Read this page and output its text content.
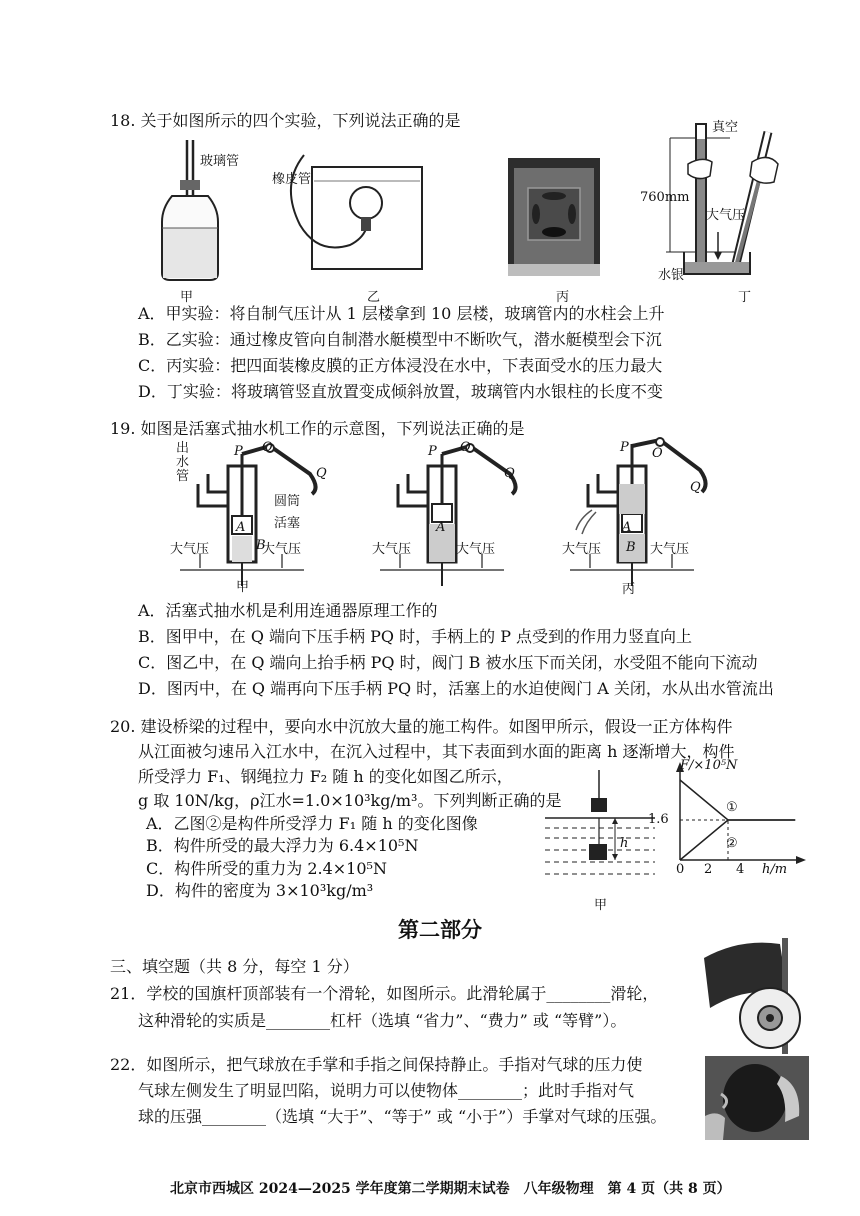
18. 关于如图所示的四个实验，下列说法正确的是
玻璃管
甲
橡皮管
乙	丙
真空
760mm
大气压
水银
丁
A．甲实验：将自制气压计从 1 层楼拿到 10 层楼，玻璃管内的水柱会上升
B．乙实验：通过橡皮管向自制潜水艇模型中不断吹气，潜水艇模型会下沉
C．丙实验：把四面装橡皮膜的正方体浸没在水中，下表面受水的压力最大
D．丁实验：将玻璃管竖直放置变成倾斜放置，玻璃管内水银柱的长度不变
19. 如图是活塞式抽水机工作的示意图，下列说法正确的是
出水管
P O
Q
圆筒
活塞
A
B
大气压	大气压
甲
P O
Q
A
大气压	大气压
P O
Q
A
B
大气压	大气压
丙
A．活塞式抽水机是利用连通器原理工作的
B．图甲中，在 Q 端向下压手柄 PQ 时，手柄上的 P 点受到的作用力竖直向上
C．图乙中，在 Q 端向上抬手柄 PQ 时，阀门 B 被水压下而关闭，水受阻不能向下流动
D．图丙中，在 Q 端再向下压手柄 PQ 时，活塞上的水迫使阀门 A 关闭，水从出水管流出
20. 建设桥梁的过程中，要向水中沉放大量的施工构件。如图甲所示，假设一正方体构件
从江面被匀速吊入江水中，在沉入过程中，其下表面到水面的距离 h 逐渐增大，构件
所受浮力 F₁、钢绳拉力 F₂ 随 h 的变化如图乙所示，
g 取 10N/kg，ρ江水=1.0×10³kg/m³。下列判断正确的是
A．乙图②是构件所受浮力 F₁ 随 h 的变化图像
B．构件所受的最大浮力为 6.4×10⁵N
C．构件所受的重力为 2.4×10⁵N
D．构件的密度为 3×10³kg/m³
h
甲
F/×10⁵N
h/m
1.6
0 2 4
①
②
第二部分
三、填空题（共 8 分，每空 1 分）
21．学校的国旗杆顶部装有一个滑轮，如图所示。此滑轮属于________滑轮，
这种滑轮的实质是________杠杆（选填 “省力”、“费力” 或 “等臂”）。
22．如图所示，把气球放在手掌和手指之间保持静止。手指对气球的压力使
气球左侧发生了明显凹陷，说明力可以使物体________；此时手指对气
球的压强________（选填 “大于”、“等于” 或 “小于”）手掌对气球的压强。
北京市西城区 2024—2025 学年度第二学期期末试卷　八年级物理　第 4 页（共 8 页）
